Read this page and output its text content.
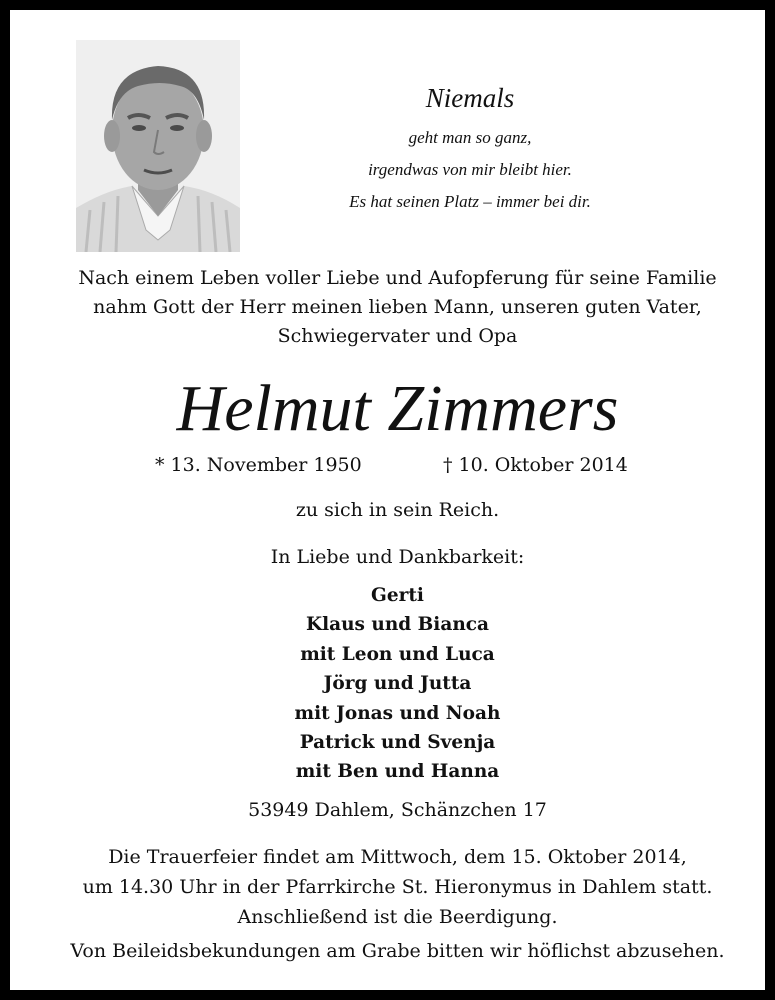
Niemals
geht man so ganz,
irgendwas von mir bleibt hier.
Es hat seinen Platz – immer bei dir.
Nach einem Leben voller Liebe und Aufopferung für seine Familie
nahm Gott der Herr meinen lieben Mann, unseren guten Vater,
Schwiegervater und Opa
Helmut Zimmers
* 13. November 1950	† 10. Oktober 2014
zu sich in sein Reich.
In Liebe und Dankbarkeit:
Gerti
Klaus und Bianca
mit Leon und Luca
Jörg und Jutta
mit Jonas und Noah
Patrick und Svenja
mit Ben und Hanna
53949 Dahlem, Schänzchen 17
Die Trauerfeier findet am Mittwoch, dem 15. Oktober 2014,
um 14.30 Uhr in der Pfarrkirche St. Hieronymus in Dahlem statt.
Anschließend ist die Beerdigung.
Von Beileidsbekundungen am Grabe bitten wir höflichst abzusehen.
